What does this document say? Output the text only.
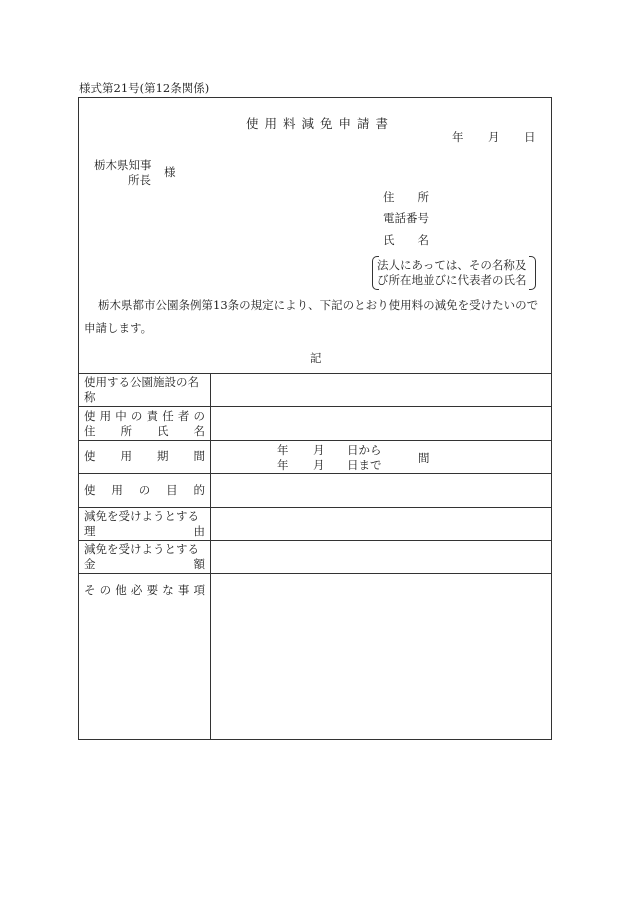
様式第21号(第12条関係)
使用料減免申請書
年 月 日
栃木県知事
所長
様
住　　所
電話番号
氏　　名
法人にあっては、その名称及
び所在地並びに代表者の氏名
栃木県都市公園条例第13条の規定により、下記のとおり使用料の減免を受けたいので
申請します。
記
使用する公園施設の名
称
使 用 中 の 責 任 者 の
住 所 氏 名
使 用 期 間	年 月 日から
年 月 日まで	間
使 用 の 目 的
減免を受けようとする
理	由
減免を受けようとする
金	額
そ の 他 必 要 な 事 項
